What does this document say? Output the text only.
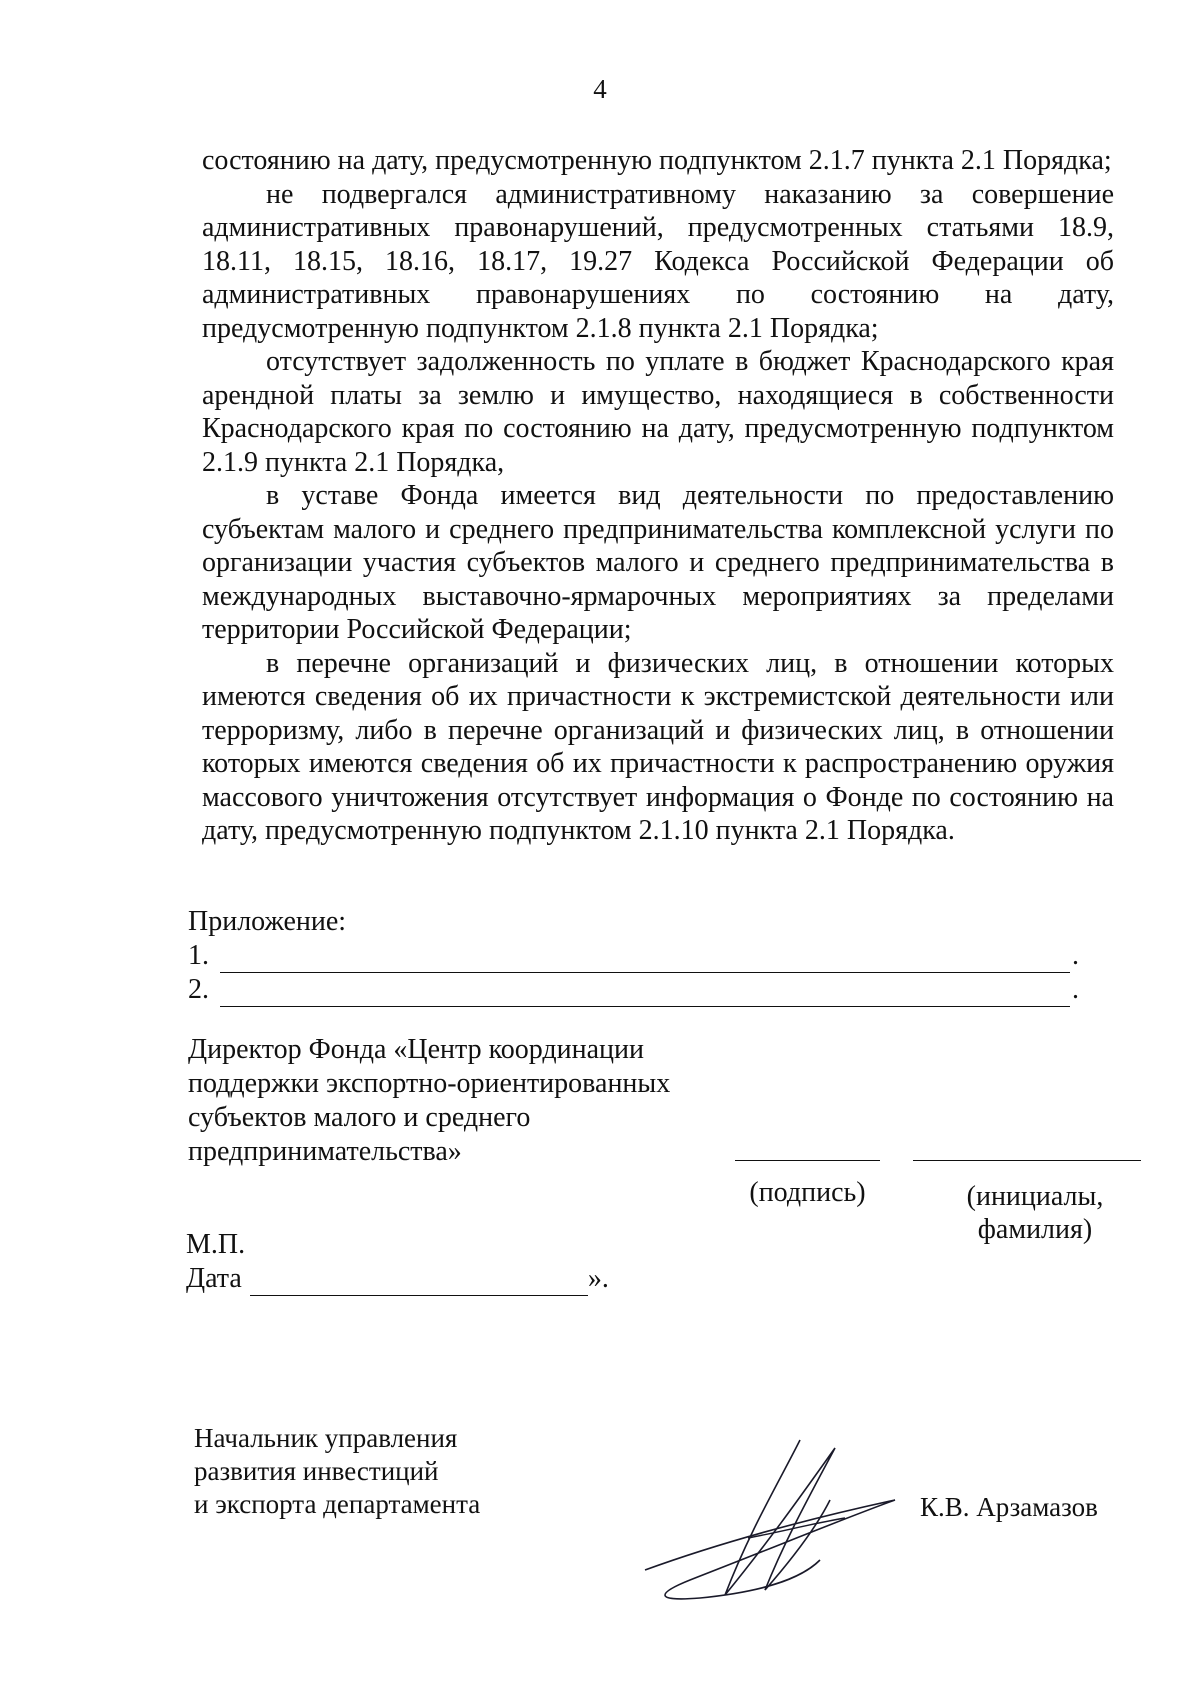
4

состоянию на дату, предусмотренную подпунктом 2.1.7 пункта 2.1 Порядка;

не подвергался административному наказанию за совершение административных правонарушений, предусмотренных статьями 18.9, 18.11, 18.15, 18.16, 18.17, 19.27 Кодекса Российской Федерации об административных правонарушениях по состоянию на дату, предусмотренную подпунктом 2.1.8 пункта 2.1 Порядка;

отсутствует задолженность по уплате в бюджет Краснодарского края арендной платы за землю и имущество, находящиеся в собственности Краснодарского края по состоянию на дату, предусмотренную подпунктом 2.1.9 пункта 2.1 Порядка,

в уставе Фонда имеется вид деятельности по предоставлению субъектам малого и среднего предпринимательства комплексной услуги по организации участия субъектов малого и среднего предпринимательства в международных выставочно-ярмарочных мероприятиях за пределами территории Российской Федерации;

в перечне организаций и физических лиц, в отношении которых имеются сведения об их причастности к экстремистской деятельности или терроризму, либо в перечне организаций и физических лиц, в отношении которых имеются сведения об их причастности к распространению оружия массового уничтожения отсутствует информация о Фонде по состоянию на дату, предусмотренную подпунктом 2.1.10 пункта 2.1 Порядка.

Приложение:
1.	.
2.	.
Директор Фонда «Центр координации
поддержки экспортно-ориентированных
субъектов малого и среднего
предпринимательства»
(подпись)	(инициалы,
фамилия)
М.П.
Дата	».
Начальник управления
развития инвестиций
и экспорта департамента	К.В. Арзамазов
